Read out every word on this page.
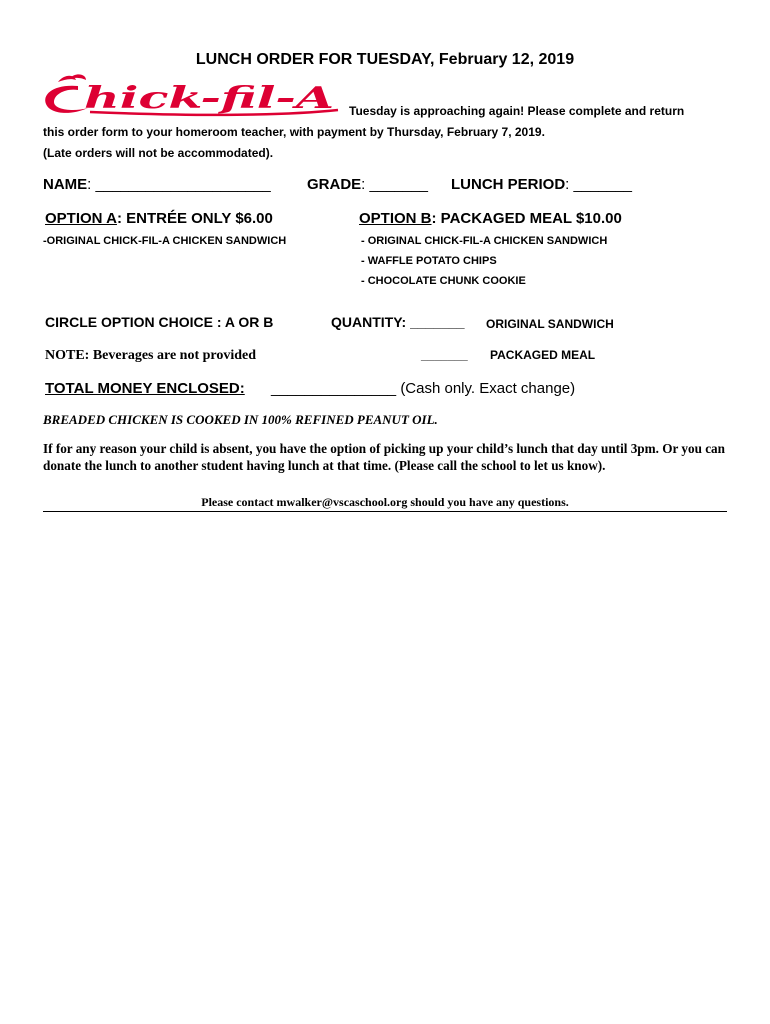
LUNCH ORDER FOR TUESDAY, February 12, 2019
hick-fil-A Tuesday is approaching again! Please complete and return
this order form to your homeroom teacher, with payment by Thursday, February 7, 2019.
(Late orders will not be accommodated).
NAME: _____________________ GRADE: _______ LUNCH PERIOD: _______
OPTION A: ENTRÉE ONLY $6.00
-ORIGINAL CHICK-FIL-A CHICKEN SANDWICH
OPTION B: PACKAGED MEAL $10.00
- ORIGINAL CHICK-FIL-A CHICKEN SANDWICH
- WAFFLE POTATO CHIPS
- CHOCOLATE CHUNK COOKIE
CIRCLE OPTION CHOICE : A OR B	QUANTITY: _______ ORIGINAL SANDWICH
NOTE: Beverages are not provided	_______ PACKAGED MEAL
TOTAL MONEY ENCLOSED: _______________ (Cash only. Exact change)
BREADED CHICKEN IS COOKED IN 100% REFINED PEANUT OIL.
If for any reason your child is absent, you have the option of picking up your child’s lunch that day until 3pm. Or you can donate the lunch to another student having lunch at that time. (Please call the school to let us know).
Please contact mwalker@vscaschool.org should you have any questions.
